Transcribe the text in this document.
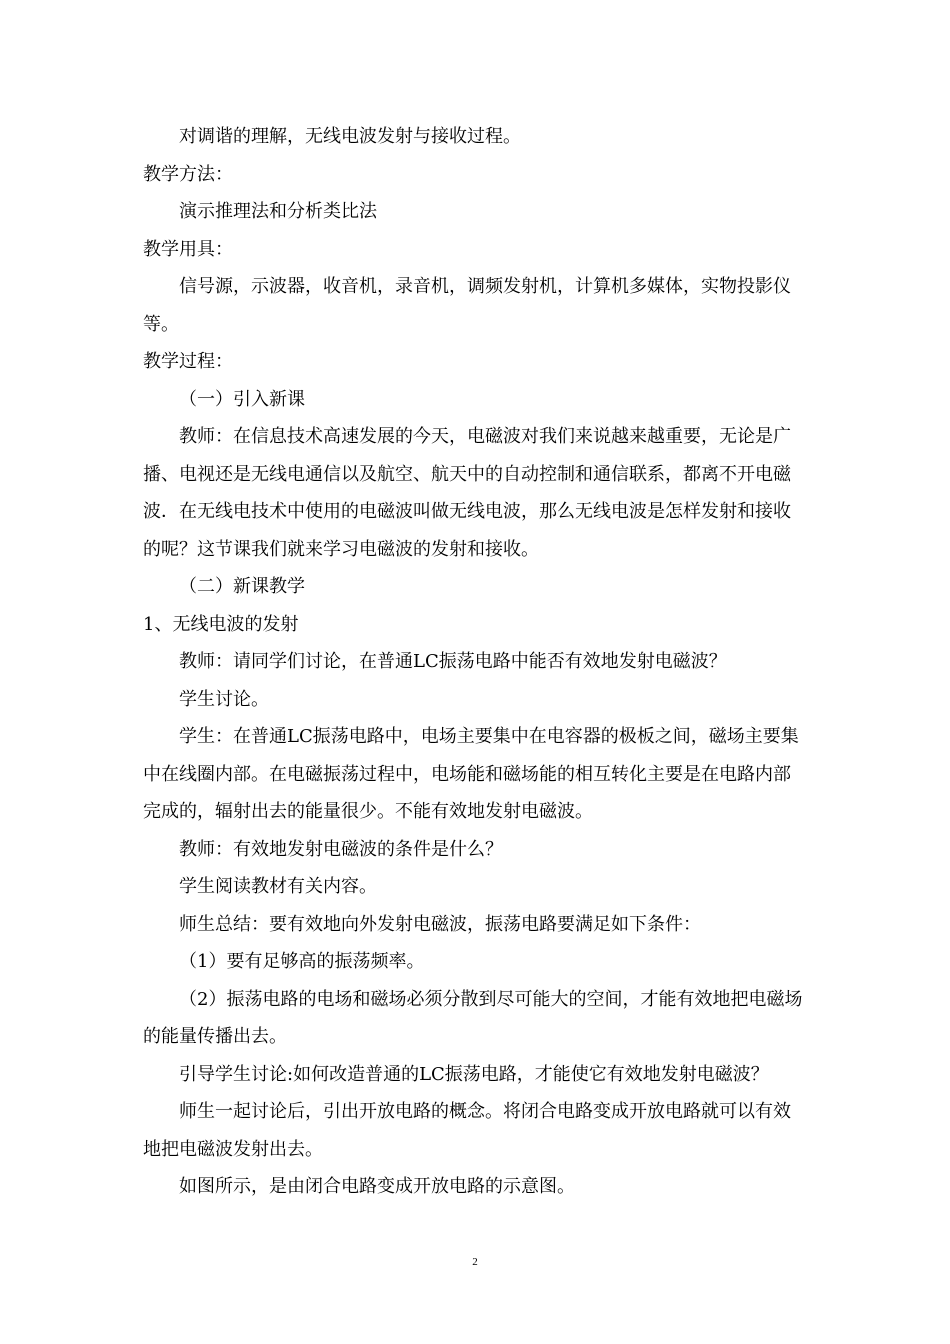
对调谐的理解，无线电波发射与接收过程。

教学方法：

演示推理法和分析类比法

教学用具：

信号源，示波器，收音机，录音机，调频发射机，计算机多媒体，实物投影仪等。

教学过程：

（一）引入新课

教师：在信息技术高速发展的今天，电磁波对我们来说越来越重要，无论是广播、电视还是无线电通信以及航空、航天中的自动控制和通信联系，都离不开电磁波．在无线电技术中使用的电磁波叫做无线电波，那么无线电波是怎样发射和接收的呢？这节课我们就来学习电磁波的发射和接收。

（二）新课教学

1、无线电波的发射

教师：请同学们讨论，在普通LC振荡电路中能否有效地发射电磁波？

学生讨论。

学生：在普通LC振荡电路中，电场主要集中在电容器的极板之间，磁场主要集中在线圈内部。在电磁振荡过程中，电场能和磁场能的相互转化主要是在电路内部完成的，辐射出去的能量很少。不能有效地发射电磁波。

教师：有效地发射电磁波的条件是什么？

学生阅读教材有关内容。

师生总结：要有效地向外发射电磁波，振荡电路要满足如下条件：

（1）要有足够高的振荡频率。

（2）振荡电路的电场和磁场必须分散到尽可能大的空间，才能有效地把电磁场的能量传播出去。

引导学生讨论:如何改造普通的LC振荡电路，才能使它有效地发射电磁波？

师生一起讨论后，引出开放电路的概念。将闭合电路变成开放电路就可以有效地把电磁波发射出去。

如图所示，是由闭合电路变成开放电路的示意图。

2
